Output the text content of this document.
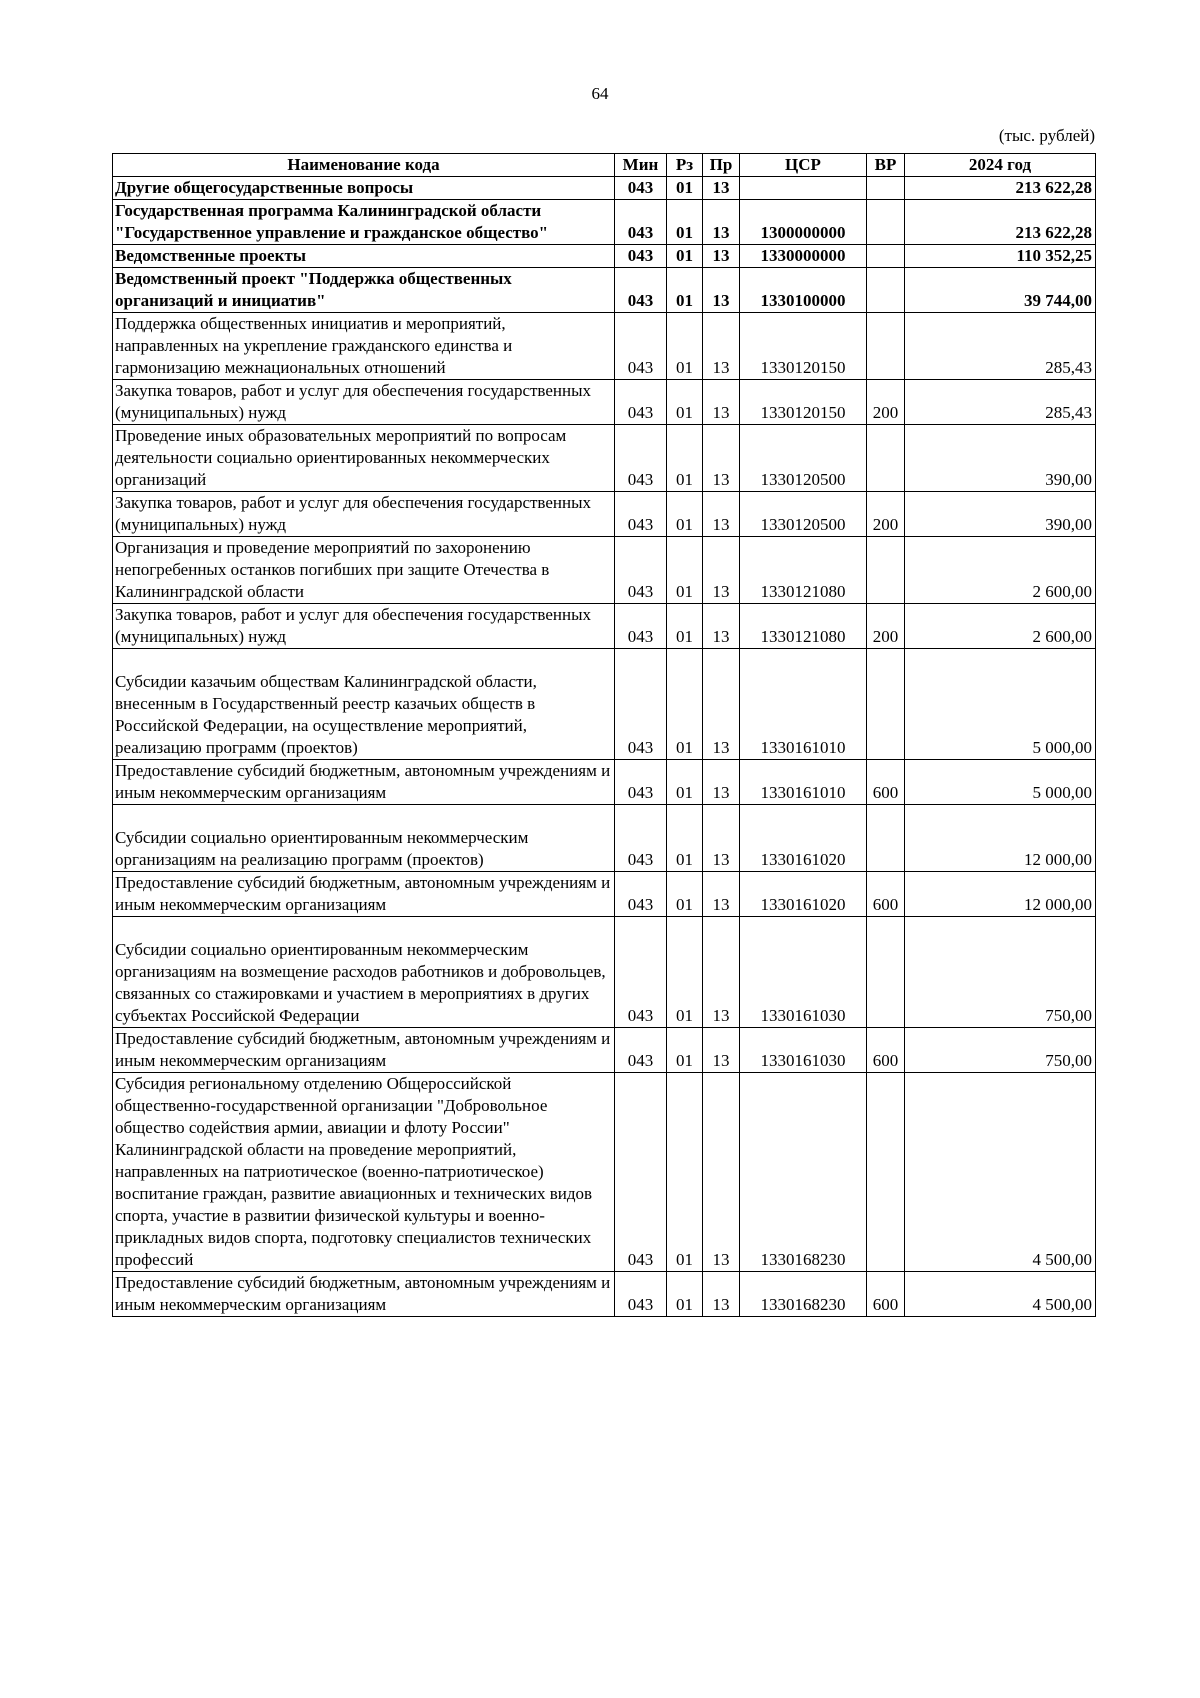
64
(тыс. рублей)
Наименование кода	Мин	Рз	Пр	ЦСР	ВР	2024 год
Другие общегосударственные вопросы	043	01	13			213 622,28
Государственная программа Калининградской области "Государственное управление и гражданское общество"	043	01	13	1300000000		213 622,28
Ведомственные проекты	043	01	13	1330000000		110 352,25
Ведомственный проект "Поддержка общественных организаций и инициатив"	043	01	13	1330100000		39 744,00
Поддержка общественных инициатив и мероприятий, направленных на укрепление гражданского единства и гармонизацию межнациональных отношений	043	01	13	1330120150		285,43
Закупка товаров, работ и услуг для обеспечения государственных (муниципальных) нужд	043	01	13	1330120150	200	285,43
Проведение иных образовательных мероприятий по вопросам деятельности социально ориентированных некоммерческих организаций	043	01	13	1330120500		390,00
Закупка товаров, работ и услуг для обеспечения государственных (муниципальных) нужд	043	01	13	1330120500	200	390,00
Организация и проведение мероприятий по захоронению непогребенных останков погибших при защите Отечества в Калининградской области	043	01	13	1330121080		2 600,00
Закупка товаров, работ и услуг для обеспечения государственных (муниципальных) нужд	043	01	13	1330121080	200	2 600,00
Субсидии казачьим обществам Калининградской области, внесенным в Государственный реестр казачьих обществ в Российской Федерации, на осуществление мероприятий, реализацию программ (проектов)	043	01	13	1330161010		5 000,00
Предоставление субсидий бюджетным, автономным учреждениям и иным некоммерческим организациям	043	01	13	1330161010	600	5 000,00
Субсидии социально ориентированным некоммерческим организациям на реализацию программ (проектов)	043	01	13	1330161020		12 000,00
Предоставление субсидий бюджетным, автономным учреждениям и иным некоммерческим организациям	043	01	13	1330161020	600	12 000,00
Субсидии социально ориентированным некоммерческим организациям на возмещение расходов работников и добровольцев, связанных со стажировками и участием в мероприятиях в других субъектах Российской Федерации	043	01	13	1330161030		750,00
Предоставление субсидий бюджетным, автономным учреждениям и иным некоммерческим организациям	043	01	13	1330161030	600	750,00
Субсидия региональному отделению Общероссийской общественно-государственной организации "Добровольное общество содействия армии, авиации и флоту России" Калининградской области на проведение мероприятий, направленных на патриотическое (военно-патриотическое) воспитание граждан, развитие авиационных и технических видов спорта, участие в развитии физической культуры и военно-прикладных видов спорта, подготовку специалистов технических профессий	043	01	13	1330168230		4 500,00
Предоставление субсидий бюджетным, автономным учреждениям и иным некоммерческим организациям	043	01	13	1330168230	600	4 500,00
